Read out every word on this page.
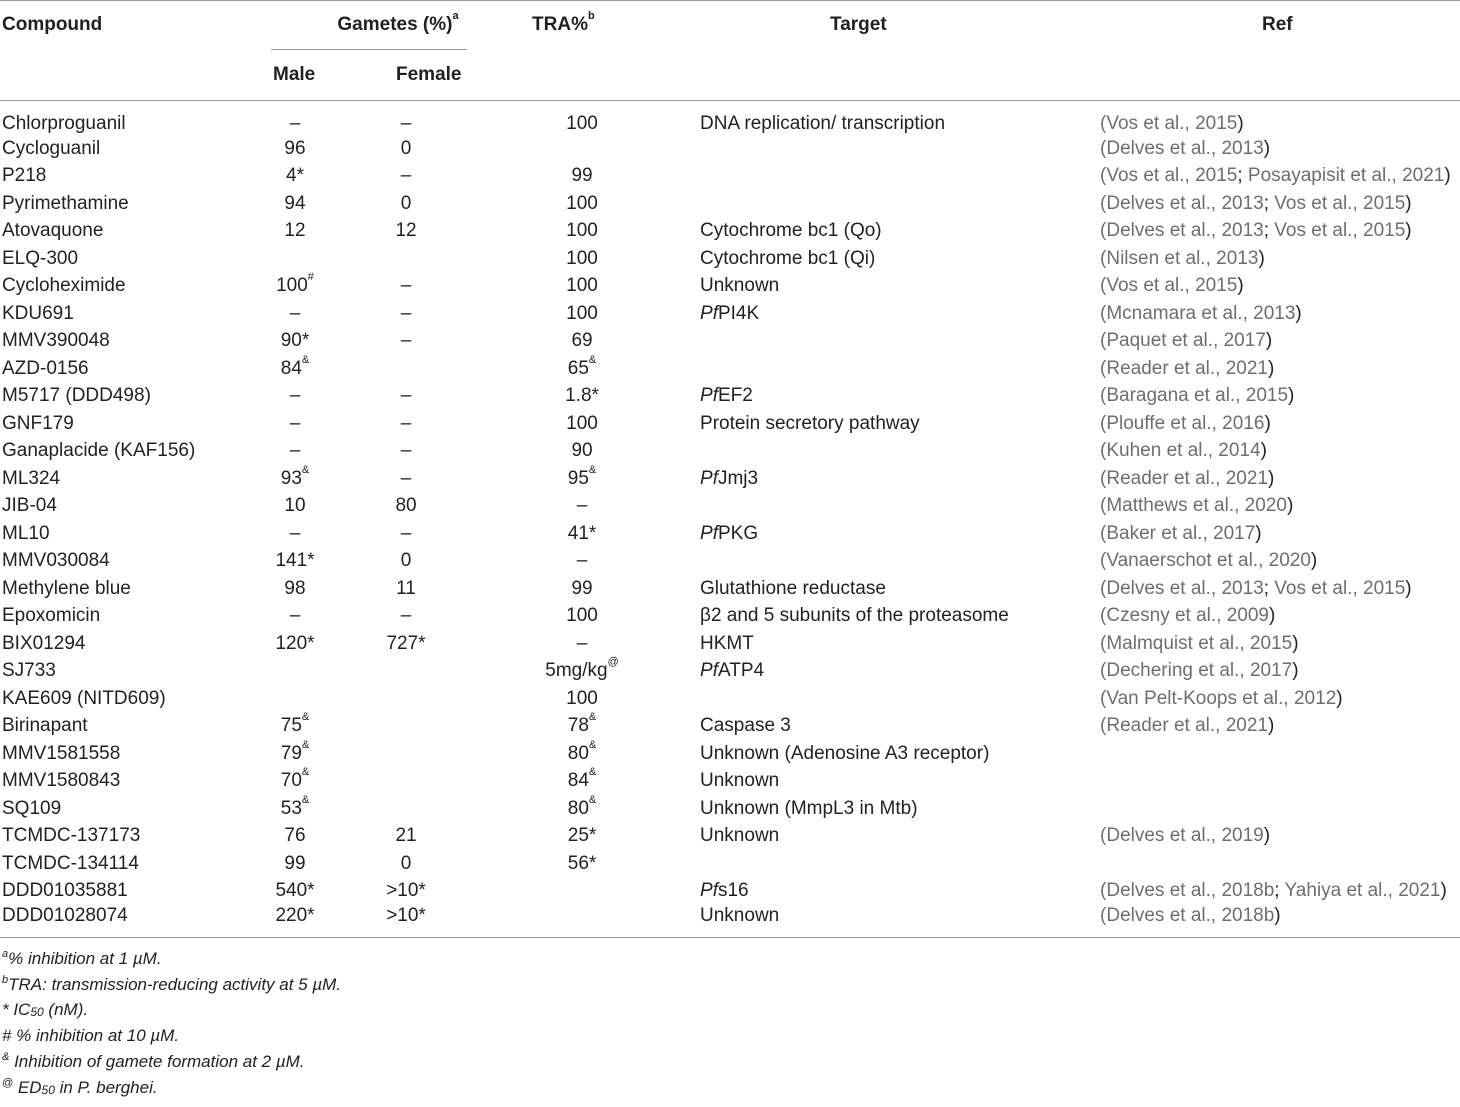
Compound	Gametes (%)$^a$		TRA%$^b$	Target	Ref
	Male	Female			
Chlorproguanil	–	–	100	DNA replication/ transcription	(Vos et al., 2015)
Cycloguanil	96	0			(Delves et al., 2013)
P218	4*	–	99		(Vos et al., 2015; Posayapisit et al., 2021)
Pyrimethamine	94	0	100		(Delves et al., 2013; Vos et al., 2015)
Atovaquone	12	12	100	Cytochrome bc1 (Qo)	(Delves et al., 2013; Vos et al., 2015)
ELQ-300			100	Cytochrome bc1 (Qi)	(Nilsen et al., 2013)
Cycloheximide	100#	–	100	Unknown	(Vos et al., 2015)
KDU691	–	–	100	PfPI4K	(Mcnamara et al., 2013)
MMV390048	90*	–	69		(Paquet et al., 2017)
AZD-0156	84&		65&		(Reader et al., 2021)
M5717 (DDD498)	–	–	1.8*	PfEF2	(Baragana et al., 2015)
GNF179	–	–	100	Protein secretory pathway	(Plouffe et al., 2016)
Ganaplacide (KAF156)	–	–	90		(Kuhen et al., 2014)
ML324	93&	–	95&	PfJmj3	(Reader et al., 2021)
JIB-04	10	80	–		(Matthews et al., 2020)
ML10	–	–	41*	PfPKG	(Baker et al., 2017)
MMV030084	141*	0	–		(Vanaerschot et al., 2020)
Methylene blue	98	11	99	Glutathione reductase	(Delves et al., 2013; Vos et al., 2015)
Epoxomicin	–	–	100	β2 and 5 subunits of the proteasome	(Czesny et al., 2009)
BIX01294	120*	727*	–	HKMT	(Malmquist et al., 2015)
SJ733			5mg/kg@	PfATP4	(Dechering et al., 2017)
KAE609 (NITD609)			100		(Van Pelt-Koops et al., 2012)
Birinapant	75&		78&	Caspase 3	(Reader et al., 2021)
MMV1581558	79&		80&	Unknown (Adenosine A3 receptor)	
MMV1580843	70&		84&	Unknown	
SQ109	53&		80&	Unknown (MmpL3 in Mtb)	
TCMDC-137173	76	21	25*	Unknown	(Delves et al., 2019)
TCMDC-134114	99	0	56*		
DDD01035881	540*	>10*		Pfs16	(Delves et al., 2018b; Yahiya et al., 2021)
DDD01028074	220*	>10*		Unknown	(Delves et al., 2018b)
$^a$% inhibition at 1 µM.
$^b$TRA: transmission-reducing activity at 5 µM.
* $IC_{50}$ (nM).
# % inhibition at 10 µM.
& Inhibition of gamete formation at 2 µM.
@ $ED_{50}$ in P. berghei.
